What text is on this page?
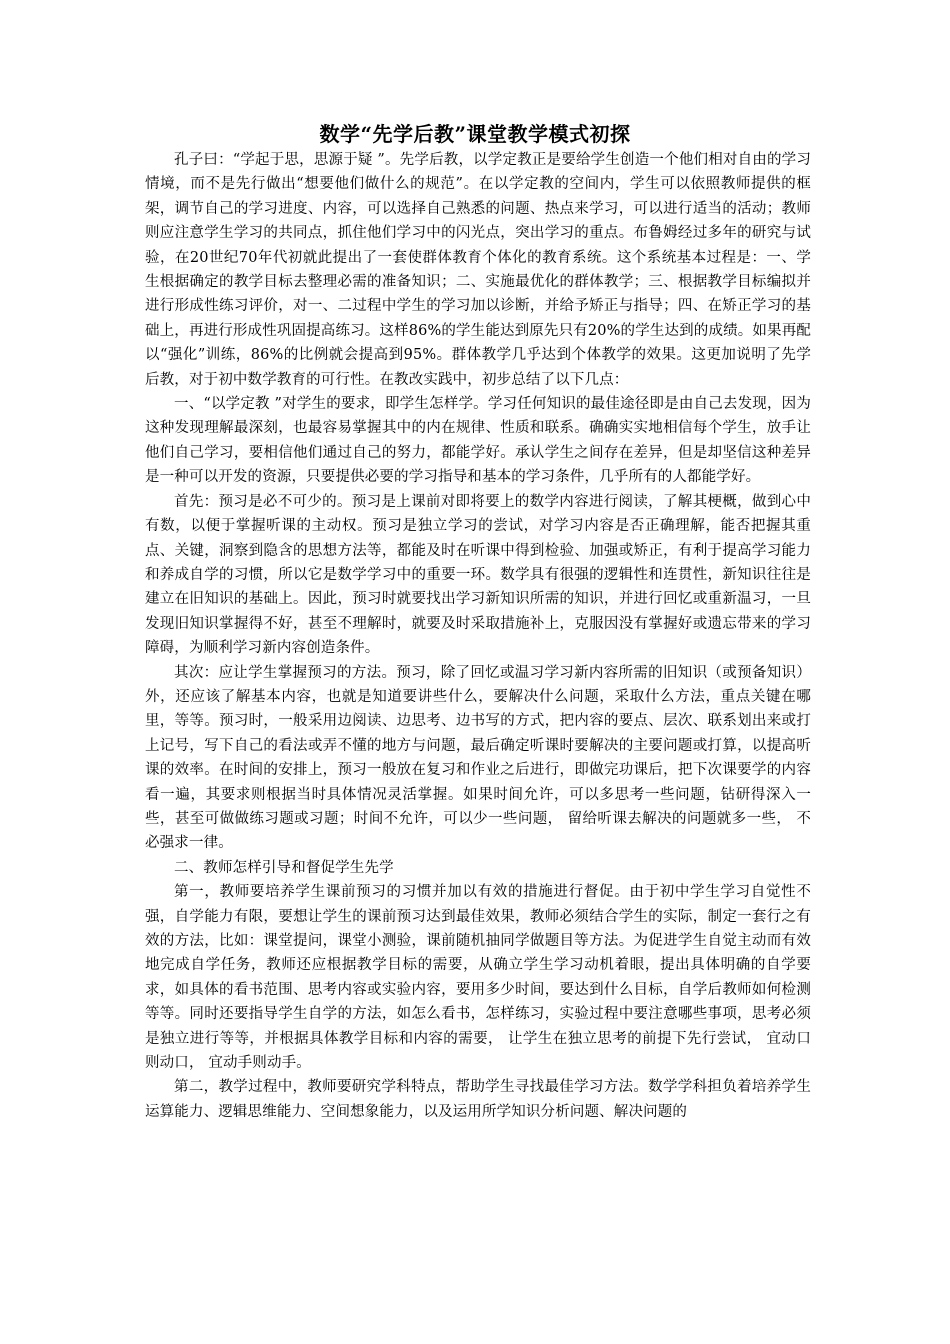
数学“先学后教”课堂教学模式初探

孔子曰：“学起于思，思源于疑 ”。先学后教，以学定教正是要给学生创造一个他们相对自由的学习情境，而不是先行做出“想要他们做什么的规范”。在以学定教的空间内，学生可以依照教师提供的框架，调节自己的学习进度、内容，可以选择自己熟悉的问题、热点来学习，可以进行适当的活动；教师则应注意学生学习的共同点，抓住他们学习中的闪光点，突出学习的重点。布鲁姆经过多年的研究与试验，在20世纪70年代初就此提出了一套使群体教育个体化的教育系统。这个系统基本过程是：一、学生根据确定的教学目标去整理必需的准备知识；二、实施最优化的群体教学；三、根据教学目标编拟并进行形成性练习评价，对一、二过程中学生的学习加以诊断，并给予矫正与指导；四、在矫正学习的基础上，再进行形成性巩固提高练习。这样86%的学生能达到原先只有20%的学生达到的成绩。如果再配以“强化”训练，86%的比例就会提高到95%。群体教学几乎达到个体教学的效果。这更加说明了先学后教，对于初中数学教育的可行性。在教改实践中，初步总结了以下几点：

一、“以学定教 ”对学生的要求，即学生怎样学。学习任何知识的最佳途径即是由自己去发现，因为这种发现理解最深刻，也最容易掌握其中的内在规律、性质和联系。确确实实地相信每个学生，放手让他们自己学习，要相信他们通过自己的努力，都能学好。承认学生之间存在差异，但是却坚信这种差异是一种可以开发的资源，只要提供必要的学习指导和基本的学习条件，几乎所有的人都能学好。

首先：预习是必不可少的。预习是上课前对即将要上的数学内容进行阅读，了解其梗概，做到心中有数，以便于掌握听课的主动权。预习是独立学习的尝试，对学习内容是否正确理解，能否把握其重点、关键，洞察到隐含的思想方法等，都能及时在听课中得到检验、加强或矫正，有利于提高学习能力和养成自学的习惯，所以它是数学学习中的重要一环。数学具有很强的逻辑性和连贯性，新知识往往是建立在旧知识的基础上。因此，预习时就要找出学习新知识所需的知识，并进行回忆或重新温习，一旦发现旧知识掌握得不好，甚至不理解时，就要及时采取措施补上，克服因没有掌握好或遗忘带来的学习障碍，为顺利学习新内容创造条件。

其次：应让学生掌握预习的方法。预习，除了回忆或温习学习新内容所需的旧知识（或预备知识）外，还应该了解基本内容，也就是知道要讲些什么，要解决什么问题，采取什么方法，重点关键在哪里，等等。预习时，一般采用边阅读、边思考、边书写的方式，把内容的要点、层次、联系划出来或打上记号，写下自己的看法或弄不懂的地方与问题，最后确定听课时要解决的主要问题或打算，以提高听课的效率。在时间的安排上，预习一般放在复习和作业之后进行，即做完功课后，把下次课要学的内容看一遍，其要求则根据当时具体情况灵活掌握。如果时间允许，可以多思考一些问题，钻研得深入一些，甚至可做做练习题或习题；时间不允许，可以少一些问题， 留给听课去解决的问题就多一些， 不必强求一律。

二、教师怎样引导和督促学生先学

第一，教师要培养学生课前预习的习惯并加以有效的措施进行督促。由于初中学生学习自觉性不强，自学能力有限，要想让学生的课前预习达到最佳效果，教师必须结合学生的实际，制定一套行之有效的方法，比如：课堂提问，课堂小测验，课前随机抽同学做题目等方法。为促进学生自觉主动而有效地完成自学任务，教师还应根据教学目标的需要，从确立学生学习动机着眼，提出具体明确的自学要求，如具体的看书范围、思考内容或实验内容，要用多少时间，要达到什么目标，自学后教师如何检测等等。同时还要指导学生自学的方法，如怎么看书，怎样练习，实验过程中要注意哪些事项，思考必须是独立进行等等，并根据具体教学目标和内容的需要， 让学生在独立思考的前提下先行尝试， 宜动口则动口， 宜动手则动手。

第二，教学过程中，教师要研究学科特点，帮助学生寻找最佳学习方法。数学学科担负着培养学生运算能力、逻辑思维能力、空间想象能力，以及运用所学知识分析问题、解决问题的
